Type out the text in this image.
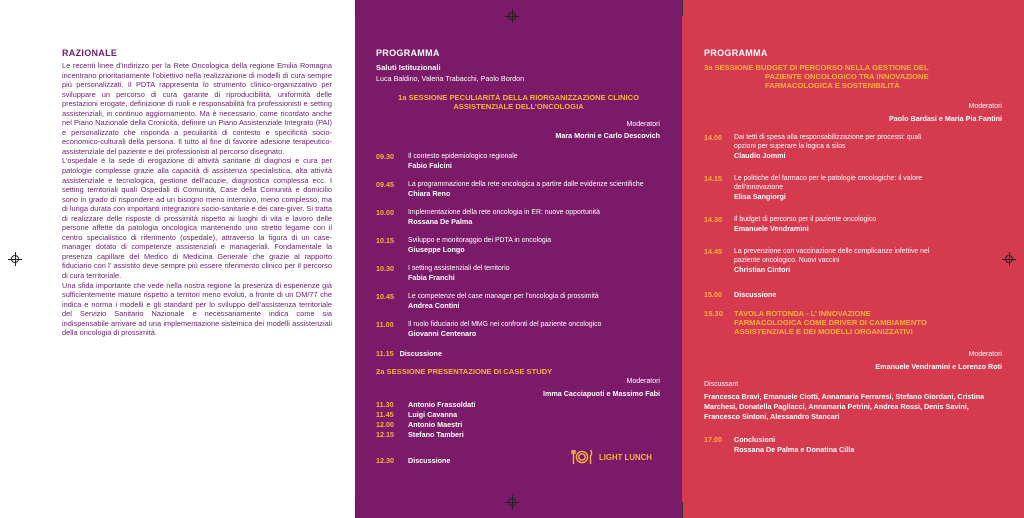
RAZIONALE

Le recenti linee d’indirizzo per la Rete Oncologica della regione Emilia Romagna incentrano prioritariamente l’obiettivo nella realizzazione di modelli di cura sempre più personalizzati. Il PDTA rappresenta lo strumento clinico-organizzativo per sviluppare un percorso di cura garante di riproducibilità, uniformità delle prestazioni erogate, definizione di ruoli e responsabilità fra professionisti e setting assistenziali, in continuo aggiornamento. Ma è necessario, come ricordato anche nel Piano Nazionale della Cronicità, definire un Piano Assistenziale Integrato (PAI) e personalizzato che risponda a peculiarità di contesto e specificità socio-economico-culturali della persona. Il tutto al fine di favorire adesione terapeutico-assistenziale del paziente e dei professionisti al percorso disegnato.

L’ospedale è la sede di erogazione di attività sanitarie di diagnosi e cura per patologie complesse grazie alla capacità di assistenza specialistica, alta attività assistenziale e tecnologica, gestione dell’acuzie, diagnostica complessa ecc. I setting territoriali quali Ospedali di Comunità, Case della Comunità e domicilio sono in grado di rispondere ad un bisogno meno intensivo, meno complesso, ma di lunga durata con importanti integrazioni socio-sanitarie e dei care-giver. Si tratta di realizzare delle risposte di prossimità rispetto ai luoghi di vita e lavoro delle persone affette da patologia oncologica mantenendo uno stretto legame con il centro specialistico di riferimento (ospedale), attraverso la figura di un case-manager dotato di competenze assistenziali e manageriali. Fondamentale la presenza capillare del Medico di Medicina Generale che grazie al rapporto fiduciario con l’ assistito deve sempre più essere riferimento clinico per il percorso di cura territoriale.

Una sfida importante che vede nella nostra regione la presenza di esperienze già sufficientemente mature rispetto a territori meno evoluti, a fronte di un DM/77 che indica e norma i modelli e gli standard per lo sviluppo dell’assistenza territoriale del Servizio Sanitario Nazionale e necessariamente indica come sia indispensabile arrivare ad una implementazione sistemica dei modelli assistenziali della oncologia di prossimità.

PROGRAMMA
Saluti Istituzionali
Luca Baldino, Valeria Trabacchi, Paolo Bordon
1a SESSIONE PECULIARITÀ DELLA RIORGANIZZAZIONE CLINICO ASSISTENZIALE DELL’ONCOLOGIA
Moderatori
Mara Morini e Carlo Descovich
09.30 Il contesto epidemiologico regionale
Fabio Falcini
09.45 La programmazione della rete oncologica a partire dalle evidenze scientifiche
Chiara Reno
10.00 Implementazione della rete oncologia in ER: nuove opportunità
Rossana De Palma
10.15 Sviluppo e monitoraggio dei PDTA in oncologia
Giuseppe Longo
10.30 I setting assistenziali del territorio
Fabia Franchi
10.45 Le competenze del case manager per l’oncologia di prossimità
Andrea Contini
11.00 Il ruolo fiduciario del MMG nei confronti del paziente oncologico
Giovanni Centenaro
11.15 Discussione
2a SESSIONE PRESENTAZIONE DI CASE STUDY
Moderatori
Imma Cacciapuoti e Massimo Fabi
11.30 Antonio Frassoldati
11.45 Luigi Cavanna
12.00 Antonio Maestri
12.15 Stefano Tamberi
12.30 Discussione	LIGHT LUNCH
PROGRAMMA
3a SESSIONE BUDGET DI PERCORSO NELLA GESTIONE DEL
PAZIENTE ONCOLOGICO TRA INNOVAZIONE
FARMACOLOGICA E SOSTENIBILITÀ
Moderatori
Paolo Bardasi e Maria Pia Fantini
14.00 Dai tetti di spesa alla responsabilizzazione per processi: quali
opzioni per superare la logica a silos
Claudio Jommi
14.15 Le politiche del farmaco per le patologie oncologiche: il valore
dell’innovazione
Elisa Sangiorgi
14.30 Il budget di percorso per il paziente oncologico
Emanuele Vendramini
14.45 La prevenzione con vaccinazione delle complicanze infettive nel
paziente oncologico. Nuovi vaccini
Christian Cintori
15.00 Discussione
15.30 TAVOLA ROTONDA - L’ INNOVAZIONE
FARMACOLOGICA COME DRIVER DI CAMBIAMENTO
ASSISTENZIALE E DEI MODELLI ORGANIZZATIVI
Moderatori
Emanuele Vendramini e Lorenzo Roti
Discussant
Francesca Bravi, Emanuele Ciotti, Annamaria Ferraresi, Stefano Giordani, Cristina Marchesi, Donatella Pagliacci, Annamaria Petrini, Andrea Rossi, Denis Savini, Francesco Sintoni, Alessandro Stancari
17.00 Conclusioni
Rossana De Palma e Donatina Cilla
